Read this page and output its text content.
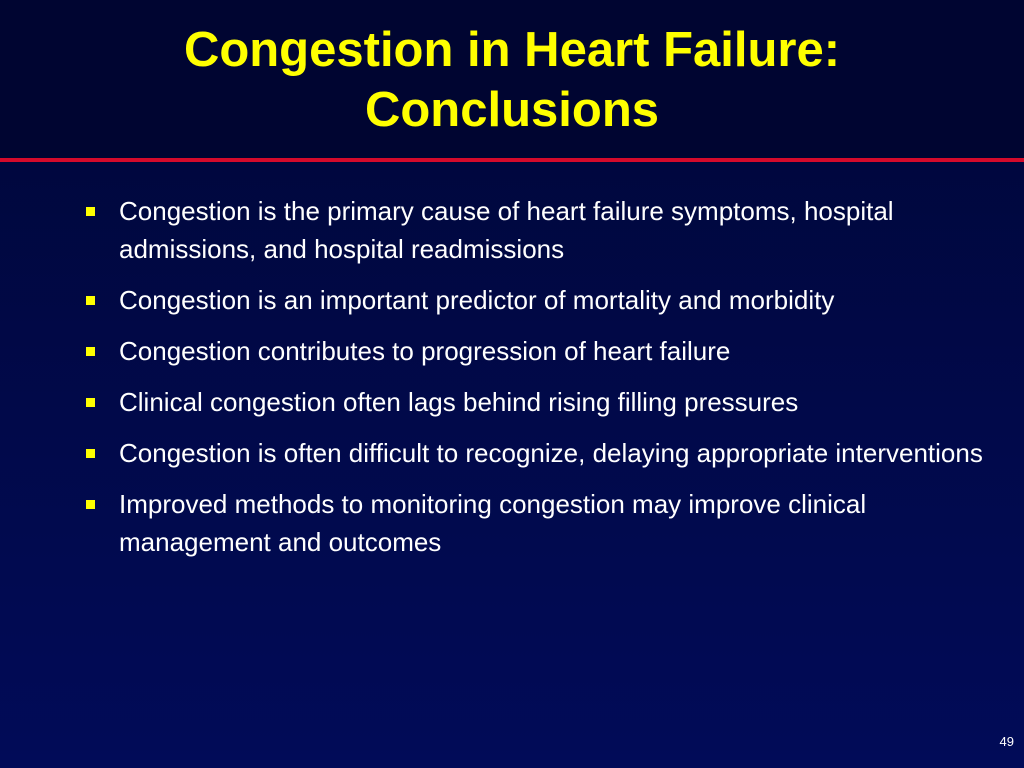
Congestion in Heart Failure:
Conclusions
Congestion is the primary cause of heart failure symptoms, hospital admissions, and hospital readmissions
Congestion is an important predictor of mortality and morbidity
Congestion contributes to progression of heart failure
Clinical congestion often lags behind rising filling pressures
Congestion is often difficult to recognize, delaying appropriate interventions
Improved methods to monitoring congestion may improve clinical management and outcomes
49
